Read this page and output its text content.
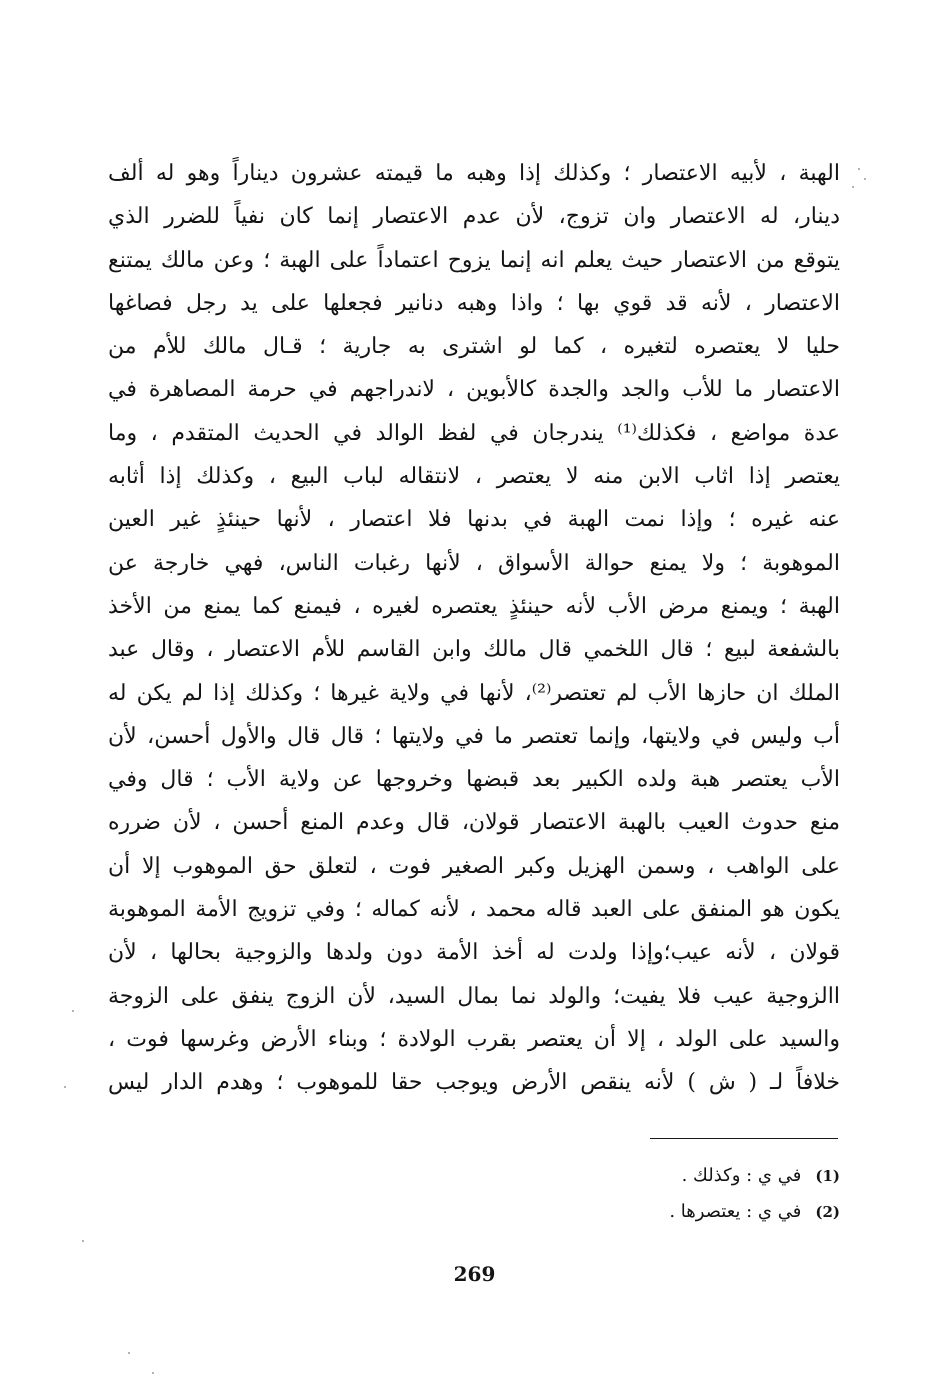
الهبة ، لأبيه الاعتصار ؛ وكذلك إذا وهبه ما قيمته عشرون ديناراً وهو له ألف
دينار، له الاعتصار وان تزوج، لأن عدم الاعتصار إنما كان نفياً للضرر الذي
يتوقع من الاعتصار حيث يعلم انه إنما يزوح اعتماداً على الهبة ؛ وعن مالك يمتنع
الاعتصار ، لأنه قد قوي بها ؛ واذا وهبه دنانير فجعلها على يد رجل فصاغها
حليا لا يعتصره لتغيره ، كما لو اشترى به جارية ؛ قـال مالك للأم من
الاعتصار ما للأب والجد والجدة كالأبوين ، لاندراجهم في حرمة المصاهرة في
عدة مواضع ، فكذلك⁽¹⁾ يندرجان في لفظ الوالد في الحديث المتقدم ، وما
يعتصر إذا اثاب الابن منه لا يعتصر ، لانتقاله لباب البيع ، وكذلك إذا أثابه
عنه غيره ؛ وإذا نمت الهبة في بدنها فلا اعتصار ، لأنها حينئذٍ غير العين
الموهوبة ؛ ولا يمنع حوالة الأسواق ، لأنها رغبات الناس، فهي خارجة عن
الهبة ؛ ويمنع مرض الأب لأنه حينئذٍ يعتصره لغيره ، فيمنع كما يمنع من الأخذ
بالشفعة لبيع ؛ قال اللخمي قال مالك وابن القاسم للأم الاعتصار ، وقال عبد
الملك ان حازها الأب لم تعتصر⁽²⁾، لأنها في ولاية غيرها ؛ وكذلك إذا لم يكن له
أب وليس في ولايتها، وإنما تعتصر ما في ولايتها ؛ قال قال والأول أحسن، لأن
الأب يعتصر هبة ولده الكبير بعد قبضها وخروجها عن ولاية الأب ؛ قال وفي
منع حدوث العيب بالهبة الاعتصار قولان، قال وعدم المنع أحسن ، لأن ضرره
على الواهب ، وسمن الهزيل وكبر الصغير فوت ، لتعلق حق الموهوب إلا أن
يكون هو المنفق على العبد قاله محمد ، لأنه كماله ؛ وفي تزويج الأمة الموهوبة
قولان ، لأنه عيب؛وإذا ولدت له أخذ الأمة دون ولدها والزوجية بحالها ، لأن
االزوجية عيب فلا يفيت؛ والولد نما بمال السيد، لأن الزوج ينفق على الزوجة
والسيد على الولد ، إلا أن يعتصر بقرب الولادة ؛ وبناء الأرض وغرسها فوت ،
خلافاً لـ ( ش ) لأنه ينقص الأرض ويوجب حقا للموهوب ؛ وهدم الدار ليس
(1)في ي : وكذلك .
(2)في ي : يعتصرها .
269
